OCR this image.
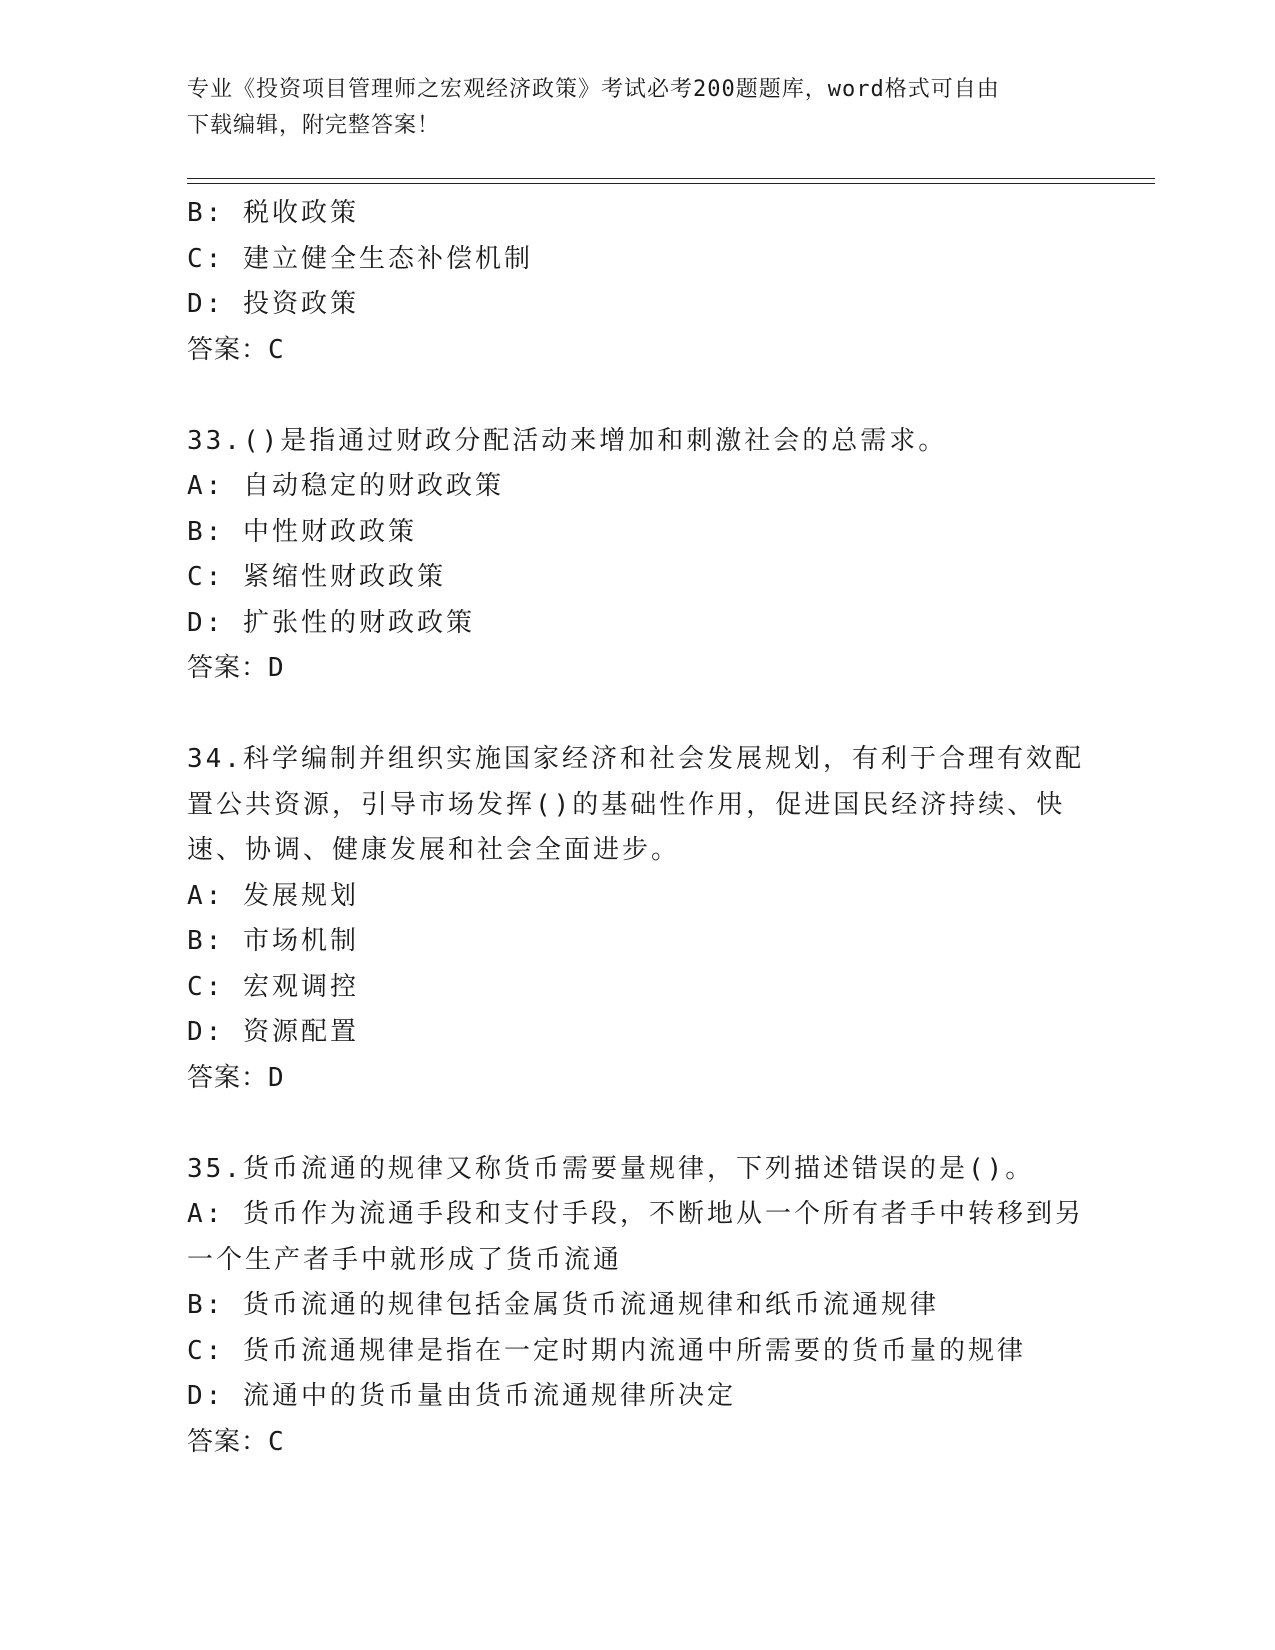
专业《投资项目管理师之宏观经济政策》考试必考200题题库，word格式可自由
下载编辑，附完整答案！
B: 税收政策
C: 建立健全生态补偿机制
D: 投资政策
答案：C
33.()是指通过财政分配活动来增加和刺激社会的总需求。
A: 自动稳定的财政政策
B: 中性财政政策
C: 紧缩性财政政策
D: 扩张性的财政政策
答案：D
34.科学编制并组织实施国家经济和社会发展规划，有利于合理有效配
置公共资源，引导市场发挥()的基础性作用，促进国民经济持续、快
速、协调、健康发展和社会全面进步。
A: 发展规划
B: 市场机制
C: 宏观调控
D: 资源配置
答案：D
35.货币流通的规律又称货币需要量规律，下列描述错误的是()。
A: 货币作为流通手段和支付手段，不断地从一个所有者手中转移到另
一个生产者手中就形成了货币流通
B: 货币流通的规律包括金属货币流通规律和纸币流通规律
C: 货币流通规律是指在一定时期内流通中所需要的货币量的规律
D: 流通中的货币量由货币流通规律所决定
答案：C
